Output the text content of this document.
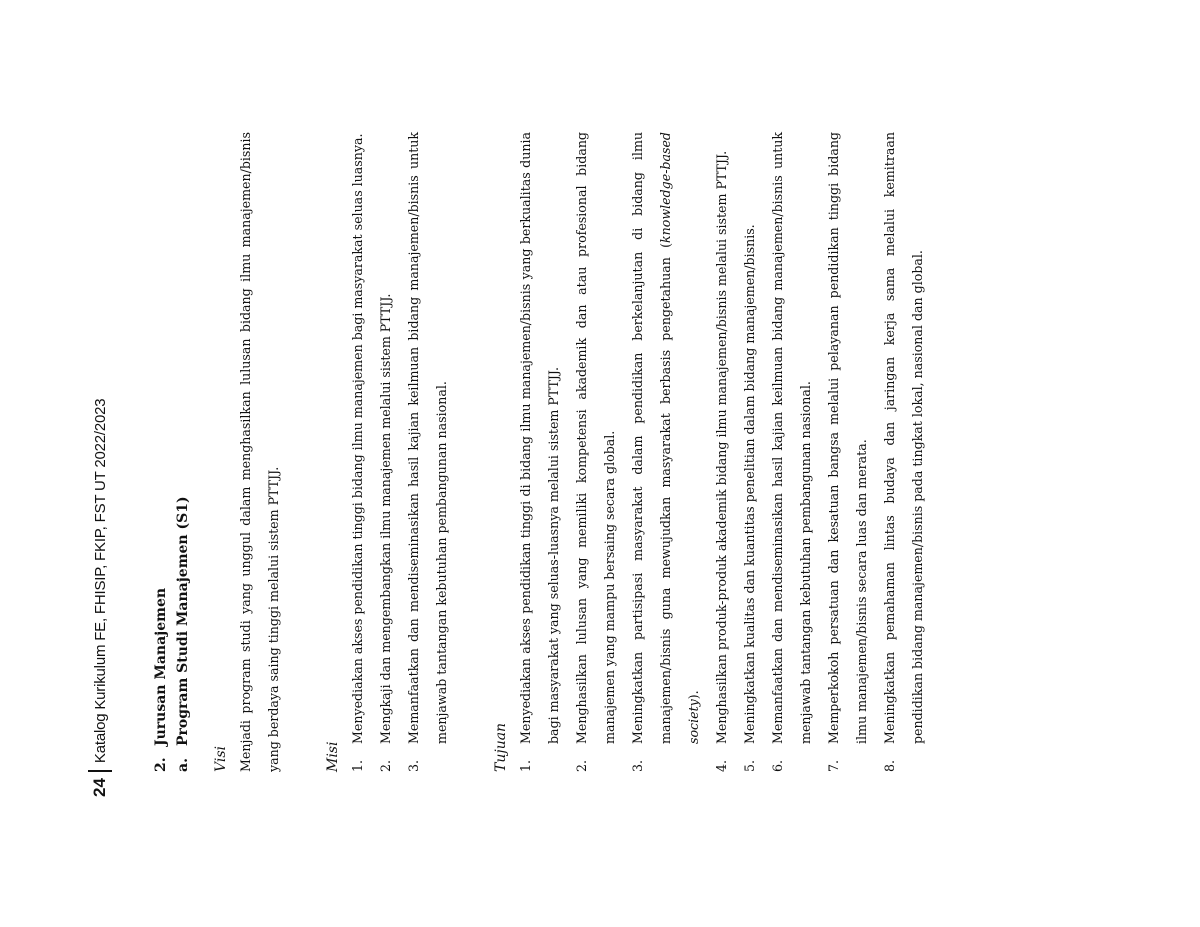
24
Katalog Kurikulum FE, FHISIP, FKIP, FST UT 2022/2023
2.
Jurusan Manajemen
a.
Program Studi Manajemen (S1)
Visi Menjadi program studi yang unggul dalam menghasilkan lulusan bidang ilmu manajemen/bisnis yang berdaya saing tinggi melalui sistem PTTJJ.	Misi 1.
Menyediakan akses pendidikan tinggi bidang ilmu manajemen bagi masyarakat seluas luasnya.
2.
Mengkaji dan mengembangkan ilmu manajemen melalui sistem PTTJJ.
3.
Memanfaatkan dan mendiseminasikan hasil kajian keilmuan bidang manajemen/bisnis untuk menjawab tantangan kebutuhan pembangunan nasional.
Tujuan 1.
Menyediakan akses pendidikan tinggi di bidang ilmu manajemen/bisnis yang berkualitas dunia bagi masyarakat yang seluas-luasnya melalui sistem PTTJJ.
2.
Menghasilkan lulusan yang memiliki kompetensi akademik dan atau profesional bidang manajemen yang mampu bersaing secara global.
3.
Meningkatkan partisipasi masyarakat dalam pendidikan berkelanjutan di bidang ilmu manajemen/bisnis guna mewujudkan masyarakat berbasis pengetahuan (knowledge-based society).
4.
Menghasilkan produk-produk akademik bidang ilmu manajemen/bisnis melalui sistem PTTJJ.
5.
Meningkatkan kualitas dan kuantitas penelitian dalam bidang manajemen/bisnis.
6.
Memanfaatkan dan mendiseminasikan hasil kajian keilmuan bidang manajemen/bisnis untuk menjawab tantangan kebutuhan pembangunan nasional.
7.
Memperkokoh persatuan dan kesatuan bangsa melalui pelayanan pendidikan tinggi bidang ilmu manajemen/bisnis secara luas dan merata.
8.
Meningkatkan pemahaman lintas budaya dan jaringan kerja sama melalui kemitraan pendidikan bidang manajemen/bisnis pada tingkat lokal, nasional dan global.
